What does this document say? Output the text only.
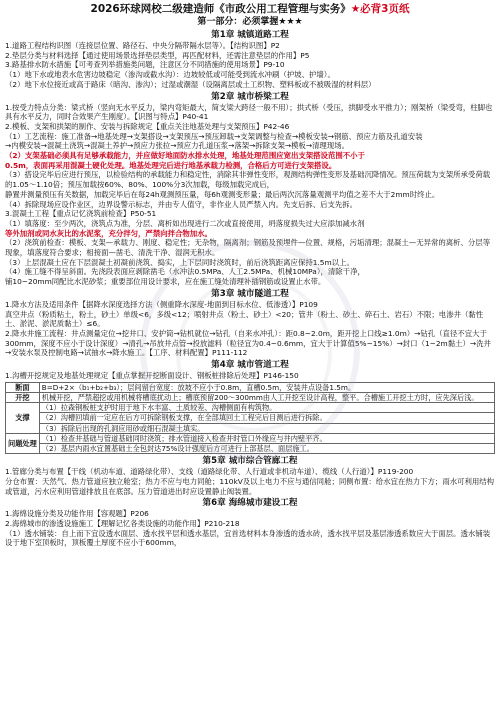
2026环球网校二级建造师《市政公用工程管理与实务》★必背3页纸
第一部分：必须掌握★★★
第1章 城镇道路工程
1.道路工程结构识图（连接层位置、路径石、中央分隔带隔水层等）。【结构识图】P2
2.垫层分类与材料选择【通过使用场景选择垫层类型，再匹配材料，还需注意垫层的作用】P5
3.路基排水防水措施【可考查列举措施类问题，注意区分不同措施的使用场景】P9-10
（1）地下水或地表水危害边坡稳定（渗沟或截水沟）：边坡较低或可能受到流水冲刷（护坡、护墙）。
（2）地下水位接近或高于路床（暗沟、渗沟）；过湿或潮湿（设隔离层或土工织物、塑料板或不被吸湿的材料层）
第2章 城市桥梁工程
1.按受力特点分类：梁式桥（竖向无水平反力，梁内弯矩最大，简支梁大跨径一般不用）；拱式桥（受压，拱脚受水平推力）；刚架桥（梁受弯，柱脚也具有水平反力，同时合效果产生刚度）。【识图与特点】P40-41
2.模板、支架和拱架的制作、安装与拆除规定【重点关注地基处理与支架预压】P42-46
（1）工艺流程：施工准备→地基处理→支架搭设→支架预压→预压卸载→支架调整与检查→模板安装→钢筋、预应力筋及孔道安装
→内模安装→混凝土浇筑→混凝土养护→预应力张拉→预应力孔道压浆→落架→拆除支架→模板→清理现场。
（2）支架基础必须具有足够承载能力，并应做好地面防水排水处理，地基处理范围应宽出支架搭设范围不小于
0.5m，表面再采用混凝土硬化处理。地基处理完后进行地基承载力检测，合格后方可进行支架搭设。
（3）搭设完毕后应进行预压，以检验结构的承载能力和稳定性，消除其非弹性变形，观测结构弹性变形及基础沉降情况。预压荷载为支架所承受荷载的1.05～1.10倍；预压加载按60%、80%、100%分3次加载，每级加载完成后，
静置并测量预压有关数据，加载完毕后在每24h观测预压量，每6h观测变形量；最后两次沉落量观测平均值之差不大于2mm时终止。
（4）拆除现场应设作业区，边界设警示标志，并由专人值守，非作业人员严禁入内。先支后拆、后支先拆。
3.混凝土工程【重点记忆浇筑前检查】P50-51
（1）填落度：至少两次，浇筑点为准，分层、离析如出现进行二次或直接使用，坍落度损失过大应添加减水剂
等外加剂或同水灰比的水泥浆，充分拌匀，严禁向拌合物加水。
（2）浇筑前检查：模板、支架—承载力、刚度、稳定性；无杂物，隔离剂；钢筋及预埋件—位置、规格，污垢清理；混凝土—无异常的离析、分层等现象，填落度符合要求；相接面—凿毛、清洗干净、湿润无积水。
（3）上层混凝土应在下层混凝土初凝前浇筑、捣实，上下层同时浇筑时，前后浇筑距离应保持1.5m以上。
（4）施工缝不得呈斜面。先浇段表面应剥除凿毛（水冲法0.5MPa、人工2.5MPa、机械10MPa），清除干净，
铺10~20mm同配比水泥砂浆；重要部位用设计要求，应在施工缝处清理补插钢筋或设置止水带。
第3章 城市隧道工程
1.降水方法及适用条件【据降水深度选择方法（侧重降水深度-地面到目标水位、低渗透）】P109
真空井点（粉质粘土，粉土，砂土）单级<6，多级<12；喷射井点（粉土、砂土）<20；管井（粉土、砂土、碎石土、岩石）不限；电渗井（黏性土、淤泥、淤泥质黏土）≤6。
2.降水井施工流程：井点测量定位→挖井口、安护筒→钻机就位→钻孔（自来水冲孔）：距0.8~2.0m，距开挖上口线≥1.0m）→钻孔（直径不宜大于300mm，深度不应小于设计深度）→清孔→吊放井点管→投放滤料（粒径宜为0.4~0.6mm，宜大于计算值5%~15%）→封口（1~2m黏土）→洗井→安装水泵及控制电路→试抽水→降水施工。【工序、材料配置】P111-112
第4章 城市管道工程
1.沟槽开挖规定及地基处理规定【重点掌握开挖断面设计、钢板桩排除后处理】P146-150
断面	B=D+2×（b₁+b₂+b₃）；层间留台宽度：放坡不应小于0.8m，直槽0.5m，安装井点设备1.5m。
开挖	机械开挖，严禁超挖或用机械将槽底扰动上；槽底预留200～300mm由人工开挖至设计高程，整平。合槽施工开挖土方时，应先深后浅。
支撑	（1）拉森钢板桩支护时用于地下水丰富、土质较差、沟槽侧面有构筑物。
	（2）沟槽回填前一定应在后方可拆除钢板支撑，在全部填回土工程完后目测后进行拆除。
	（3）拆除后出现的孔洞应用砂或细石混凝土填实。
问题处理	（1）检查井基础与管道基础同时浇筑；排水管道接入检查井时管口外缘应与井内壁平齐。
	（2）基层内雨水宜置基础土全包封达75%设计强度后方可进行上部基层、面层施工。
第5章 城市综合管廊工程
1.管廊分类与布置【干线（机动车道、道路绿化带）、支线（道路绿化带、人行道或非机动车道）、缆线（人行道）】P119-200
分仓布置：天然气、热力管道应独立舱室；热力不应与电力同舱；110kV及以上电力不应与通信同舱；同侧布置：给水宜在热力下方；雨水可利用结构或管道，污水应利用管道排放且在底部。压力管道进出时应设置静止阀装置。
第6章 海绵城市建设工程
1.海绵设施分类及功能作用【容观题】P206
2.海绵城市的渗透设施施工【理解记忆各类设施的功能作用】P210-218
（1）透水铺装：自上而下宜设透水面层、透水找平层和透水基层，宜首选材料本身渗透的透水砖，透水找平层及基层渗透系数应大于面层。透水铺装设于地下室顶板时，顶板覆土厚度不应小于600mm，
